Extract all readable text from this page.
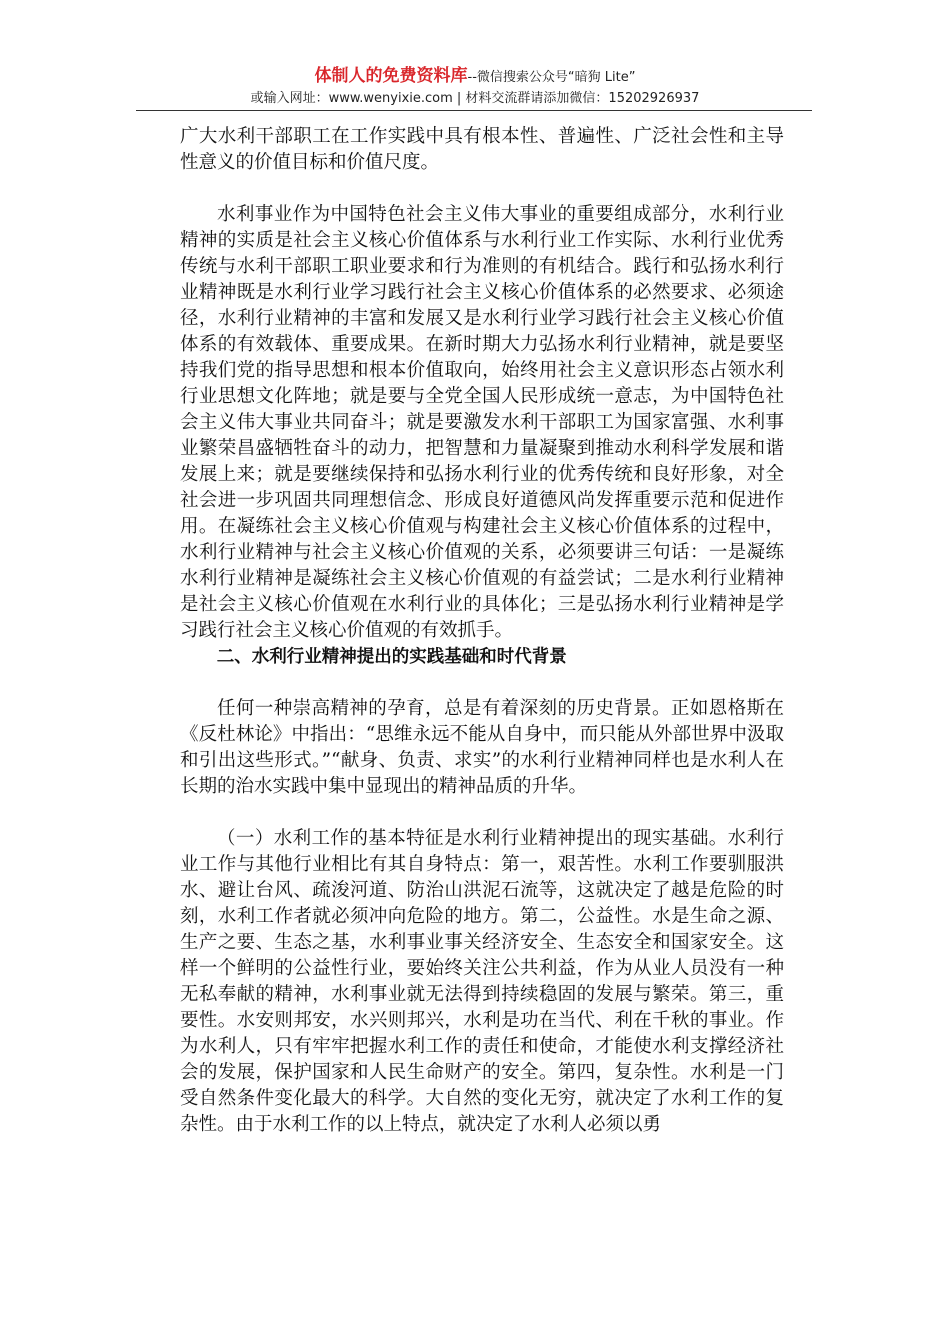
体制人的免费资料库--微信搜索公众号“暗狗 Lite”
或输入网址：www.wenyixie.com | 材料交流群请添加微信：15202926937

广大水利干部职工在工作实践中具有根本性、普遍性、广泛社会性和主导性意义的价值目标和价值尺度。

水利事业作为中国特色社会主义伟大事业的重要组成部分，水利行业精神的实质是社会主义核心价值体系与水利行业工作实际、水利行业优秀传统与水利干部职工职业要求和行为准则的有机结合。践行和弘扬水利行业精神既是水利行业学习践行社会主义核心价值体系的必然要求、必须途径，水利行业精神的丰富和发展又是水利行业学习践行社会主义核心价值体系的有效载体、重要成果。在新时期大力弘扬水利行业精神，就是要坚持我们党的指导思想和根本价值取向，始终用社会主义意识形态占领水利行业思想文化阵地；就是要与全党全国人民形成统一意志，为中国特色社会主义伟大事业共同奋斗；就是要激发水利干部职工为国家富强、水利事业繁荣昌盛牺牲奋斗的动力，把智慧和力量凝聚到推动水利科学发展和谐发展上来；就是要继续保持和弘扬水利行业的优秀传统和良好形象，对全社会进一步巩固共同理想信念、形成良好道德风尚发挥重要示范和促进作用。在凝练社会主义核心价值观与构建社会主义核心价值体系的过程中，水利行业精神与社会主义核心价值观的关系，必须要讲三句话：一是凝练水利行业精神是凝练社会主义核心价值观的有益尝试；二是水利行业精神是社会主义核心价值观在水利行业的具体化；三是弘扬水利行业精神是学习践行社会主义核心价值观的有效抓手。

二、水利行业精神提出的实践基础和时代背景

任何一种崇高精神的孕育，总是有着深刻的历史背景。正如恩格斯在《反杜林论》中指出：“思维永远不能从自身中，而只能从外部世界中汲取和引出这些形式。”“献身、负责、求实”的水利行业精神同样也是水利人在长期的治水实践中集中显现出的精神品质的升华。

（一）水利工作的基本特征是水利行业精神提出的现实基础。水利行业工作与其他行业相比有其自身特点：第一，艰苦性。水利工作要驯服洪水、避让台风、疏浚河道、防治山洪泥石流等，这就决定了越是危险的时刻，水利工作者就必须冲向危险的地方。第二，公益性。水是生命之源、生产之要、生态之基，水利事业事关经济安全、生态安全和国家安全。这样一个鲜明的公益性行业，要始终关注公共利益，作为从业人员没有一种无私奉献的精神，水利事业就无法得到持续稳固的发展与繁荣。第三，重要性。水安则邦安，水兴则邦兴，水利是功在当代、利在千秋的事业。作为水利人，只有牢牢把握水利工作的责任和使命，才能使水利支撑经济社会的发展，保护国家和人民生命财产的安全。第四，复杂性。水利是一门受自然条件变化最大的科学。大自然的变化无穷，就决定了水利工作的复杂性。由于水利工作的以上特点，就决定了水利人必须以勇
